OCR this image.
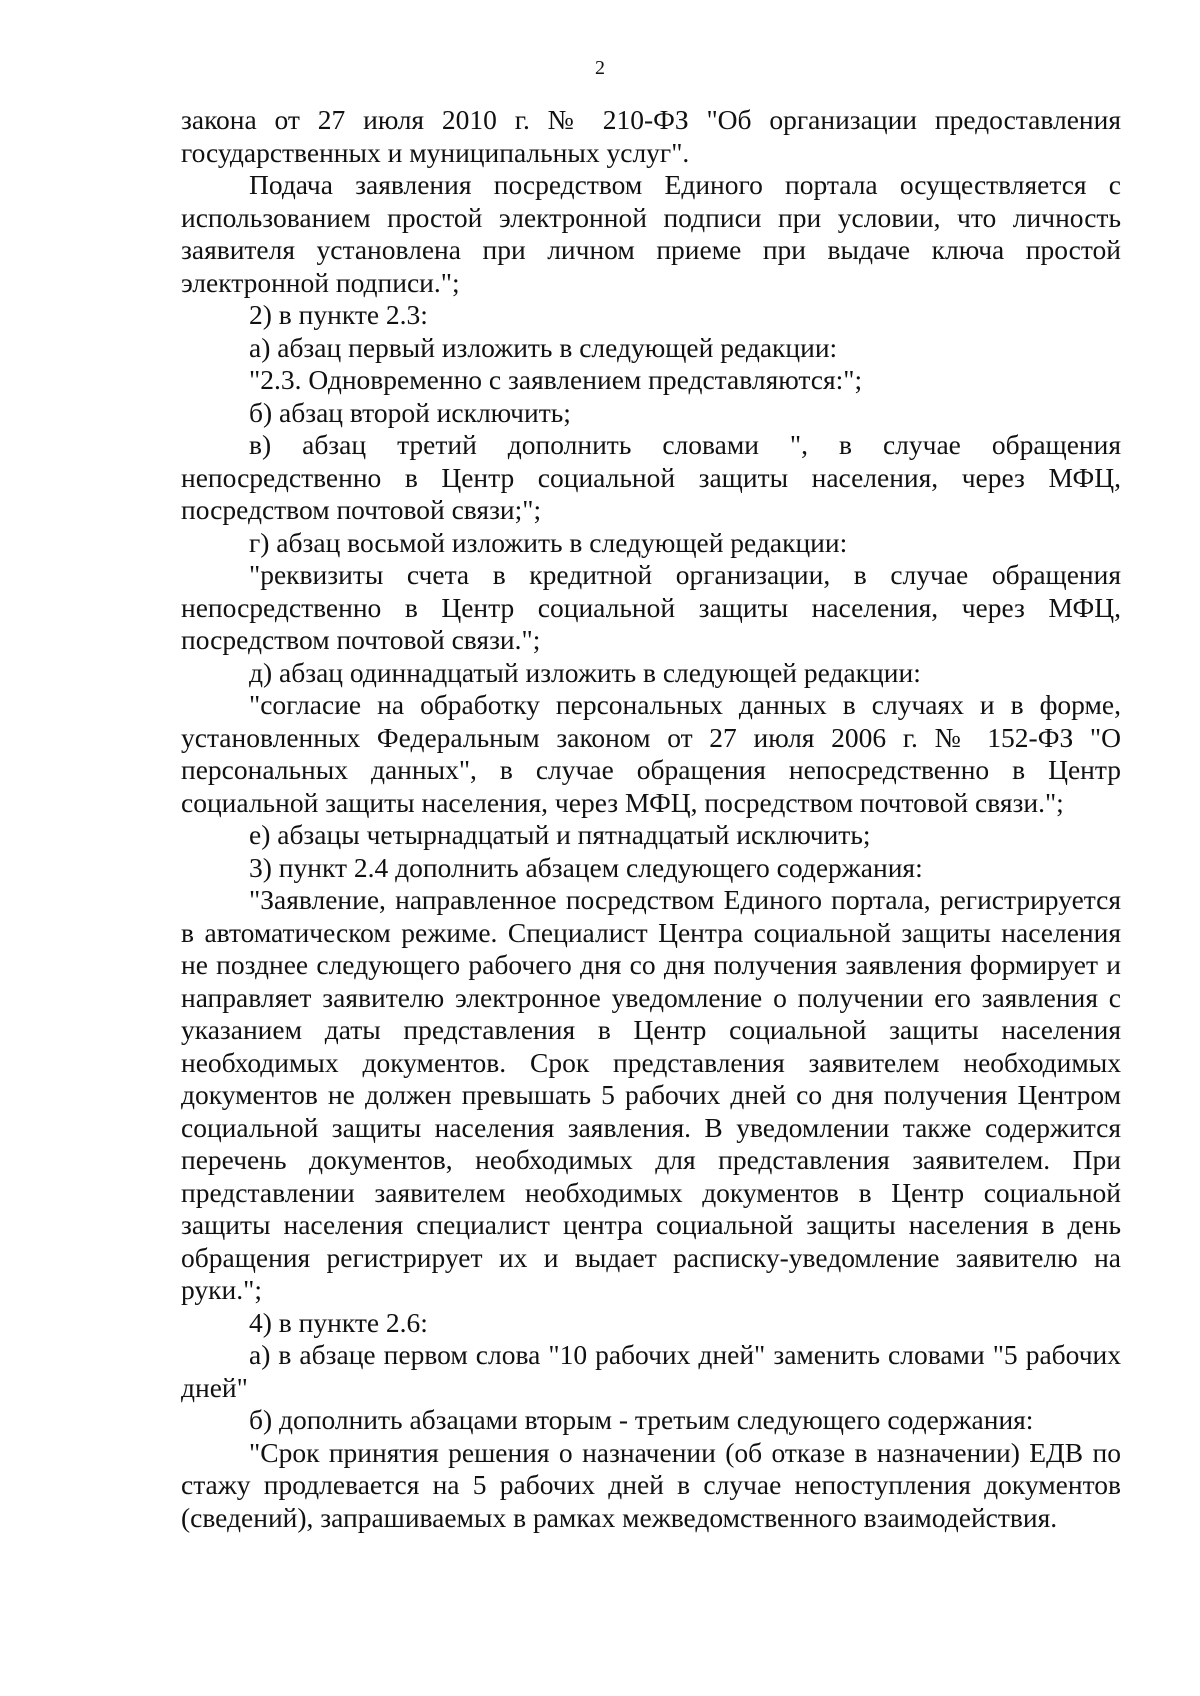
2

закона от 27 июля 2010 г. № 210-ФЗ "Об организации предоставления государственных и муниципальных услуг".

Подача заявления посредством Единого портала осуществляется с использованием простой электронной подписи при условии, что личность заявителя установлена при личном приеме при выдаче ключа простой электронной подписи.";

2) в пункте 2.3:

а) абзац первый изложить в следующей редакции:

"2.3. Одновременно с заявлением представляются:";

б) абзац второй исключить;

в) абзац третий дополнить словами ", в случае обращения непосредственно в Центр социальной защиты населения, через МФЦ, посредством почтовой связи;";

г) абзац восьмой изложить в следующей редакции:

"реквизиты счета в кредитной организации, в случае обращения непосредственно в Центр социальной защиты населения, через МФЦ, посредством почтовой связи.";

д) абзац одиннадцатый изложить в следующей редакции:

"согласие на обработку персональных данных в случаях и в форме, установленных Федеральным законом от 27 июля 2006 г. № 152-ФЗ "О персональных данных", в случае обращения непосредственно в Центр социальной защиты населения, через МФЦ, посредством почтовой связи.";

е) абзацы четырнадцатый и пятнадцатый исключить;

3) пункт 2.4 дополнить абзацем следующего содержания:

"Заявление, направленное посредством Единого портала, регистрируется в автоматическом режиме. Специалист Центра социальной защиты населения не позднее следующего рабочего дня со дня получения заявления формирует и направляет заявителю электронное уведомление о получении его заявления с указанием даты представления в Центр социальной защиты населения необходимых документов. Срок представления заявителем необходимых документов не должен превышать 5 рабочих дней со дня получения Центром социальной защиты населения заявления. В уведомлении также содержится перечень документов, необходимых для представления заявителем. При представлении заявителем необходимых документов в Центр социальной защиты населения специалист центра социальной защиты населения в день обращения регистрирует их и выдает расписку-уведомление заявителю на руки.";

4) в пункте 2.6:

а) в абзаце первом слова "10 рабочих дней" заменить словами "5 рабочих дней"

б) дополнить абзацами вторым - третьим следующего содержания:

"Срок принятия решения о назначении (об отказе в назначении) ЕДВ по стажу продлевается на 5 рабочих дней в случае непоступления документов (сведений), запрашиваемых в рамках межведомственного взаимодействия.
